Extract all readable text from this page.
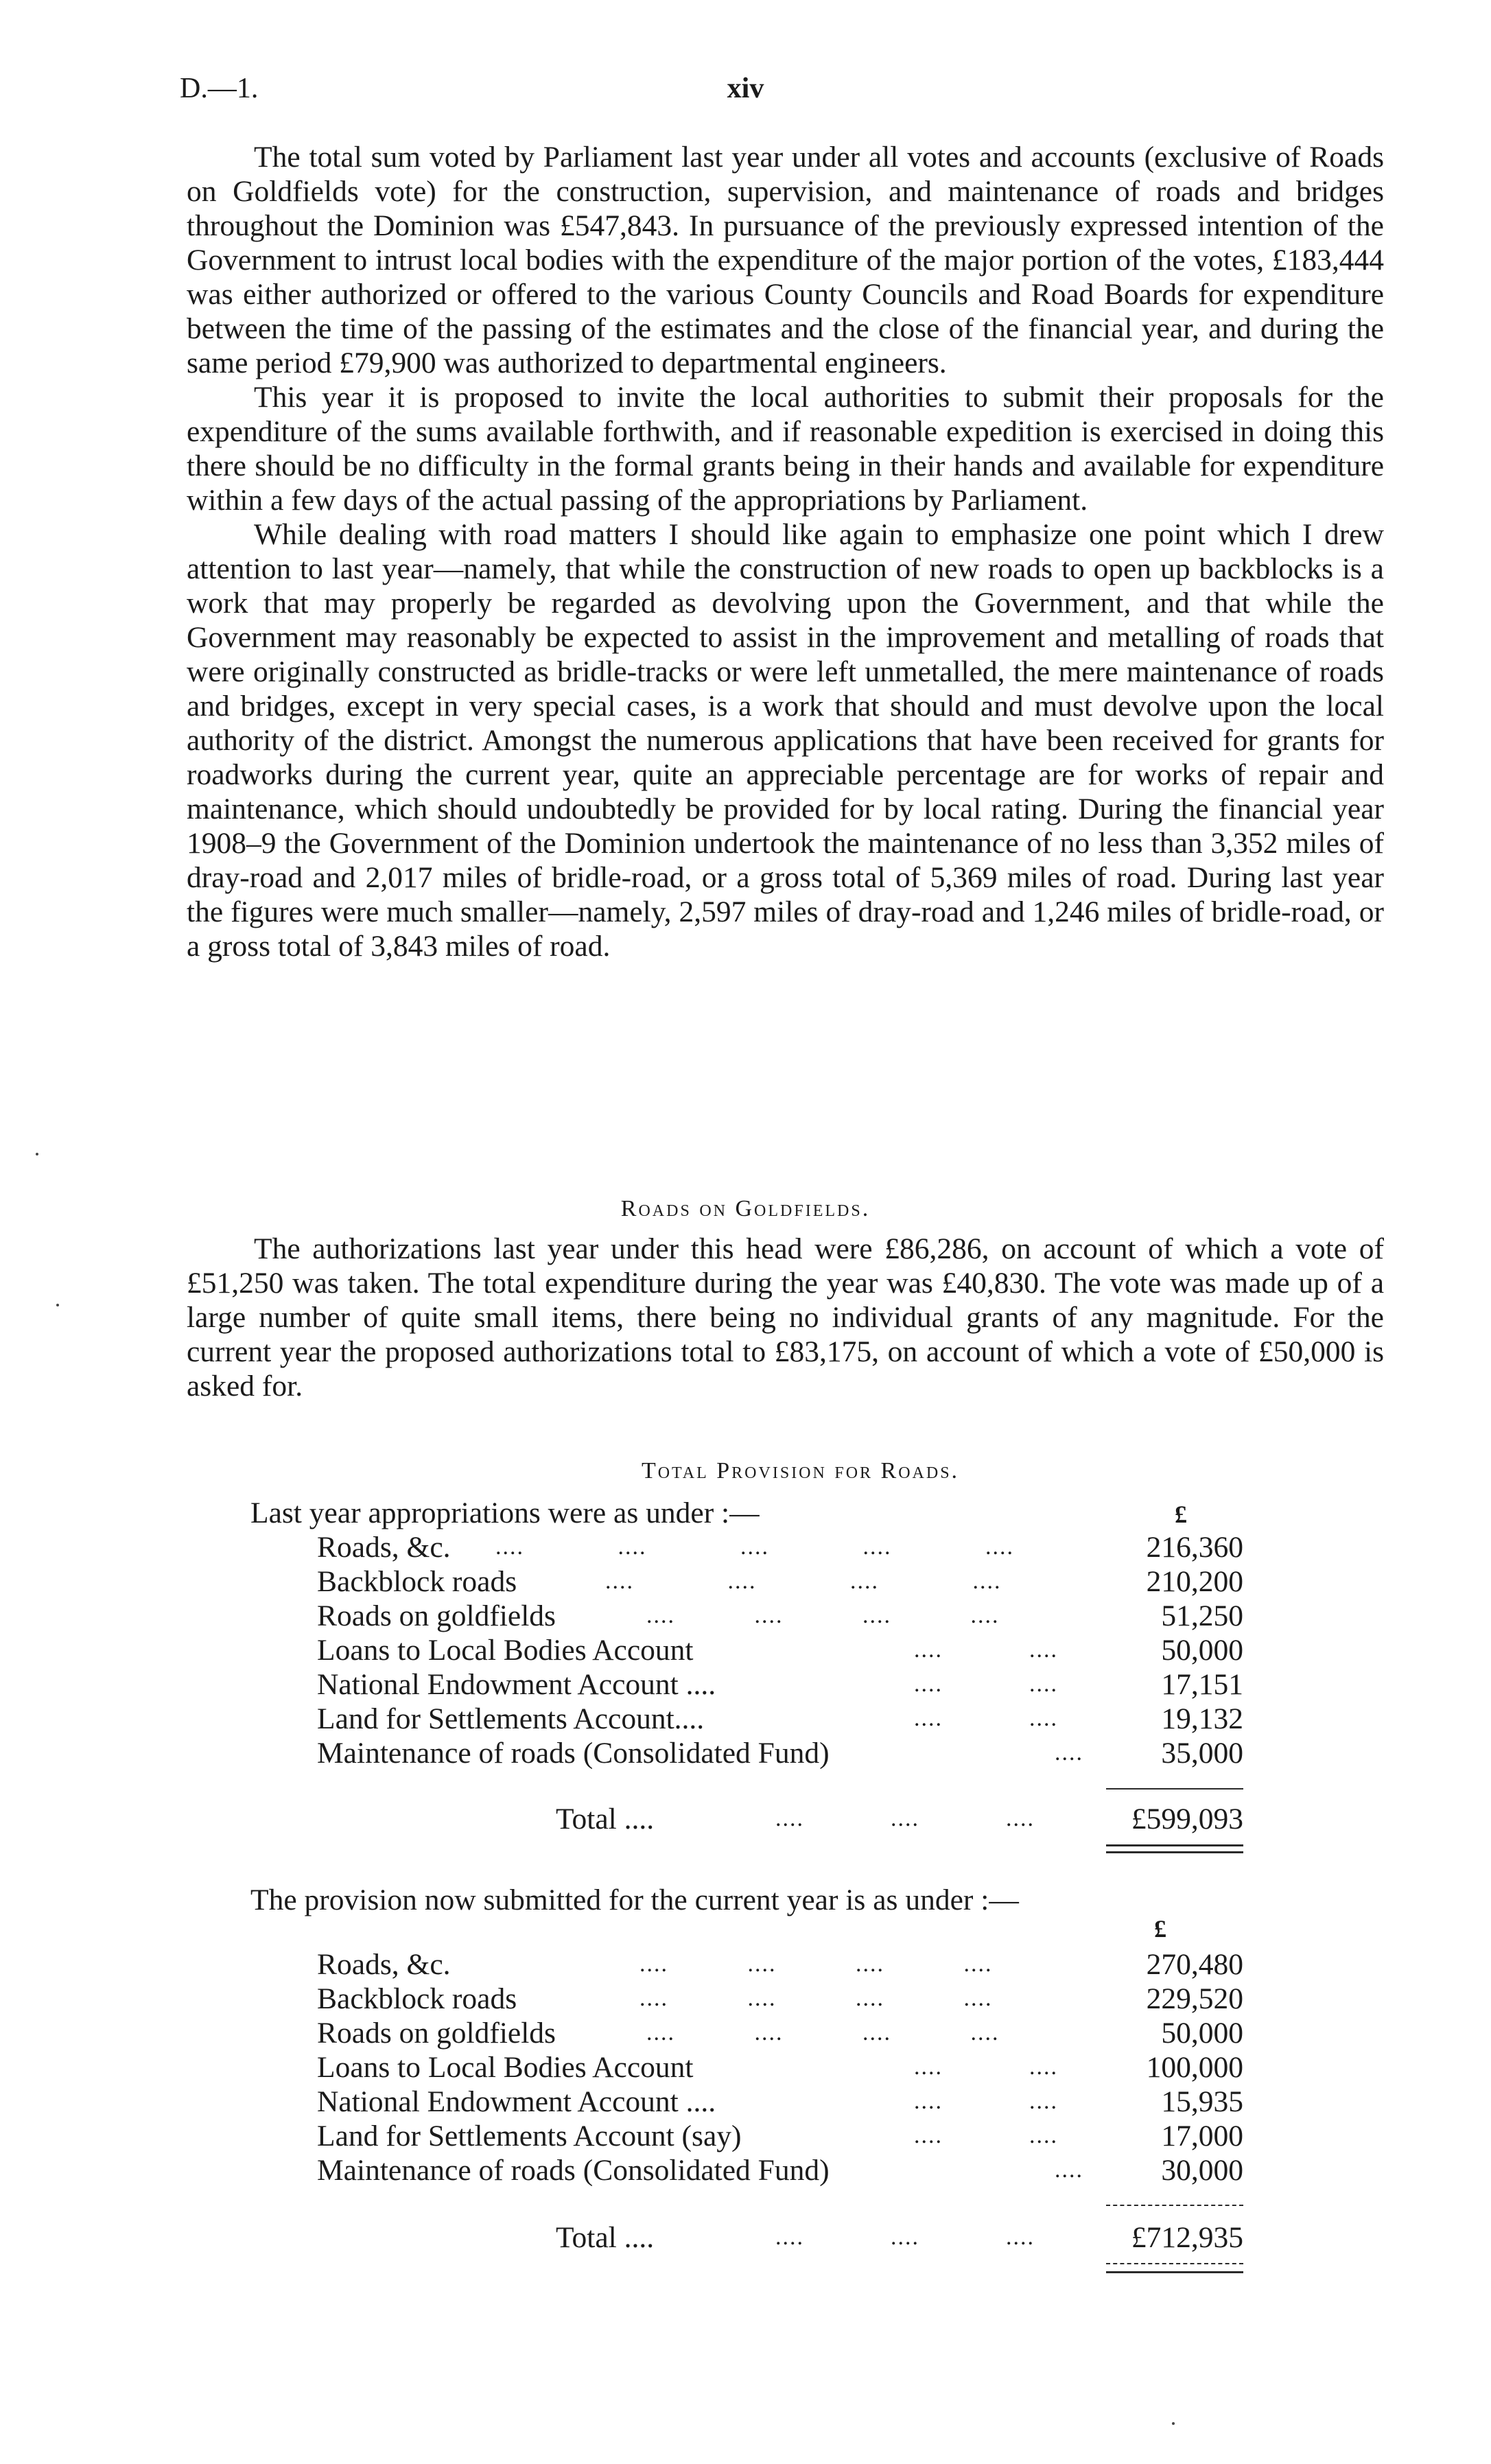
D.—1.	xiv

The total sum voted by Parliament last year under all votes and accounts (exclusive of Roads on Goldfields vote) for the construction, supervision, and maintenance of roads and bridges throughout the Dominion was £547,843. In pursuance of the previously expressed intention of the Government to intrust local bodies with the expenditure of the major portion of the votes, £183,444 was either authorized or offered to the various County Councils and Road Boards for expenditure between the time of the passing of the estimates and the close of the financial year, and during the same period £79,900 was authorized to departmental engineers.

This year it is proposed to invite the local authorities to submit their proposals for the expenditure of the sums available forthwith, and if reasonable expedition is exercised in doing this there should be no difficulty in the formal grants being in their hands and available for expenditure within a few days of the actual passing of the appropriations by Parliament.

While dealing with road matters I should like again to emphasize one point which I drew attention to last year—namely, that while the construction of new roads to open up backblocks is a work that may properly be regarded as devolving upon the Government, and that while the Government may reasonably be expected to assist in the improvement and metalling of roads that were originally constructed as bridle-tracks or were left unmetalled, the mere maintenance of roads and bridges, except in very special cases, is a work that should and must devolve upon the local authority of the district. Amongst the numerous applications that have been received for grants for roadworks during the current year, quite an appreciable percentage are for works of repair and maintenance, which should undoubtedly be provided for by local rating. During the financial year 1908–9 the Government of the Dominion undertook the maintenance of no less than 3,352 miles of dray-road and 2,017 miles of bridle-road, or a gross total of 5,369 miles of road. During last year the figures were much smaller—namely, 2,597 miles of dray-road and 1,246 miles of bridle-road, or a gross total of 3,843 miles of road.

Roads on Goldfields.

The authorizations last year under this head were £86,286, on account of which a vote of £51,250 was taken. The total expenditure during the year was £40,830. The vote was made up of a large number of quite small items, there being no individual grants of any magnitude. For the current year the proposed authorizations total to £83,175, on account of which a vote of £50,000 is asked for.

Total Provision for Roads.
Last year appropriations were as under :—	£
Roads, &c. ....             ....             ....             ....             ....	216,360
Backblock roads	....             ....             ....             ....	210,200
Roads on goldfields	....           ....           ....           ....	51,250
Loans to Local Bodies Account	....            ....	50,000
National Endowment Account ....	....            ....	17,151
Land for Settlements Account....	....            ....	19,132
Maintenance of roads (Consolidated Fund)	....	35,000
Total ....	....            ....            ....	£599,093
The provision now submitted for the current year is as under :—
£
Roads, &c.	....           ....           ....           ....	270,480
Backblock roads	....           ....           ....           ....	229,520
Roads on goldfields	....           ....           ....           ....	50,000
Loans to Local Bodies Account	....            ....	100,000
National Endowment Account ....	....            ....	15,935
Land for Settlements Account (say)	....            ....	17,000
Maintenance of roads (Consolidated Fund)	....	30,000
Total ....	....            ....            ....	£712,935
